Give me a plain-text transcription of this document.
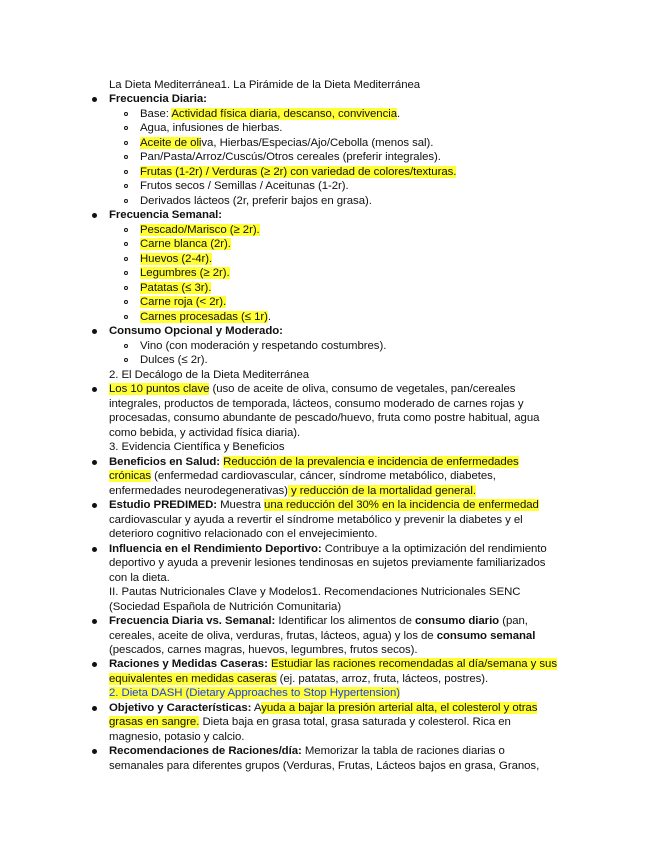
La Dieta Mediterránea1. La Pirámide de la Dieta Mediterránea
Frecuencia Diaria:
Base: Actividad física diaria, descanso, convivencia.
Agua, infusiones de hierbas.
Aceite de oliva, Hierbas/Especias/Ajo/Cebolla (menos sal).
Pan/Pasta/Arroz/Cuscús/Otros cereales (preferir integrales).
Frutas (1-2r) / Verduras (≥ 2r) con variedad de colores/texturas.
Frutos secos / Semillas / Aceitunas (1-2r).
Derivados lácteos (2r, preferir bajos en grasa).
Frecuencia Semanal:
Pescado/Marisco (≥ 2r).
Carne blanca (2r).
Huevos (2-4r).
Legumbres (≥ 2r).
Patatas (≤ 3r).
Carne roja (< 2r).
Carnes procesadas (≤ 1r).
Consumo Opcional y Moderado:
Vino (con moderación y respetando costumbres).
Dulces (≤ 2r).
2. El Decálogo de la Dieta Mediterránea
Los 10 puntos clave (uso de aceite de oliva, consumo de vegetales, pan/cereales
integrales, productos de temporada, lácteos, consumo moderado de carnes rojas y
procesadas, consumo abundante de pescado/huevo, fruta como postre habitual, agua
como bebida, y actividad física diaria).
3. Evidencia Científica y Beneficios
Beneficios en Salud: Reducción de la prevalencia e incidencia de enfermedades
crónicas (enfermedad cardiovascular, cáncer, síndrome metabólico, diabetes,
enfermedades neurodegenerativas) y reducción de la mortalidad general.
Estudio PREDIMED: Muestra una reducción del 30% en la incidencia de enfermedad
cardiovascular y ayuda a revertir el síndrome metabólico y prevenir la diabetes y el
deterioro cognitivo relacionado con el envejecimiento.
Influencia en el Rendimiento Deportivo: Contribuye a la optimización del rendimiento
deportivo y ayuda a prevenir lesiones tendinosas en sujetos previamente familiarizados
con la dieta.
II. Pautas Nutricionales Clave y Modelos1. Recomendaciones Nutricionales SENC
(Sociedad Española de Nutrición Comunitaria)
Frecuencia Diaria vs. Semanal: Identificar los alimentos de consumo diario (pan,
cereales, aceite de oliva, verduras, frutas, lácteos, agua) y los de consumo semanal
(pescados, carnes magras, huevos, legumbres, frutos secos).
Raciones y Medidas Caseras: Estudiar las raciones recomendadas al día/semana y sus
equivalentes en medidas caseras (ej. patatas, arroz, fruta, lácteos, postres).
2. Dieta DASH (Dietary Approaches to Stop Hypertension)
Objetivo y Características: Ayuda a bajar la presión arterial alta, el colesterol y otras
grasas en sangre. Dieta baja en grasa total, grasa saturada y colesterol. Rica en
magnesio, potasio y calcio.
Recomendaciones de Raciones/día: Memorizar la tabla de raciones diarias o
semanales para diferentes grupos (Verduras, Frutas, Lácteos bajos en grasa, Granos,
